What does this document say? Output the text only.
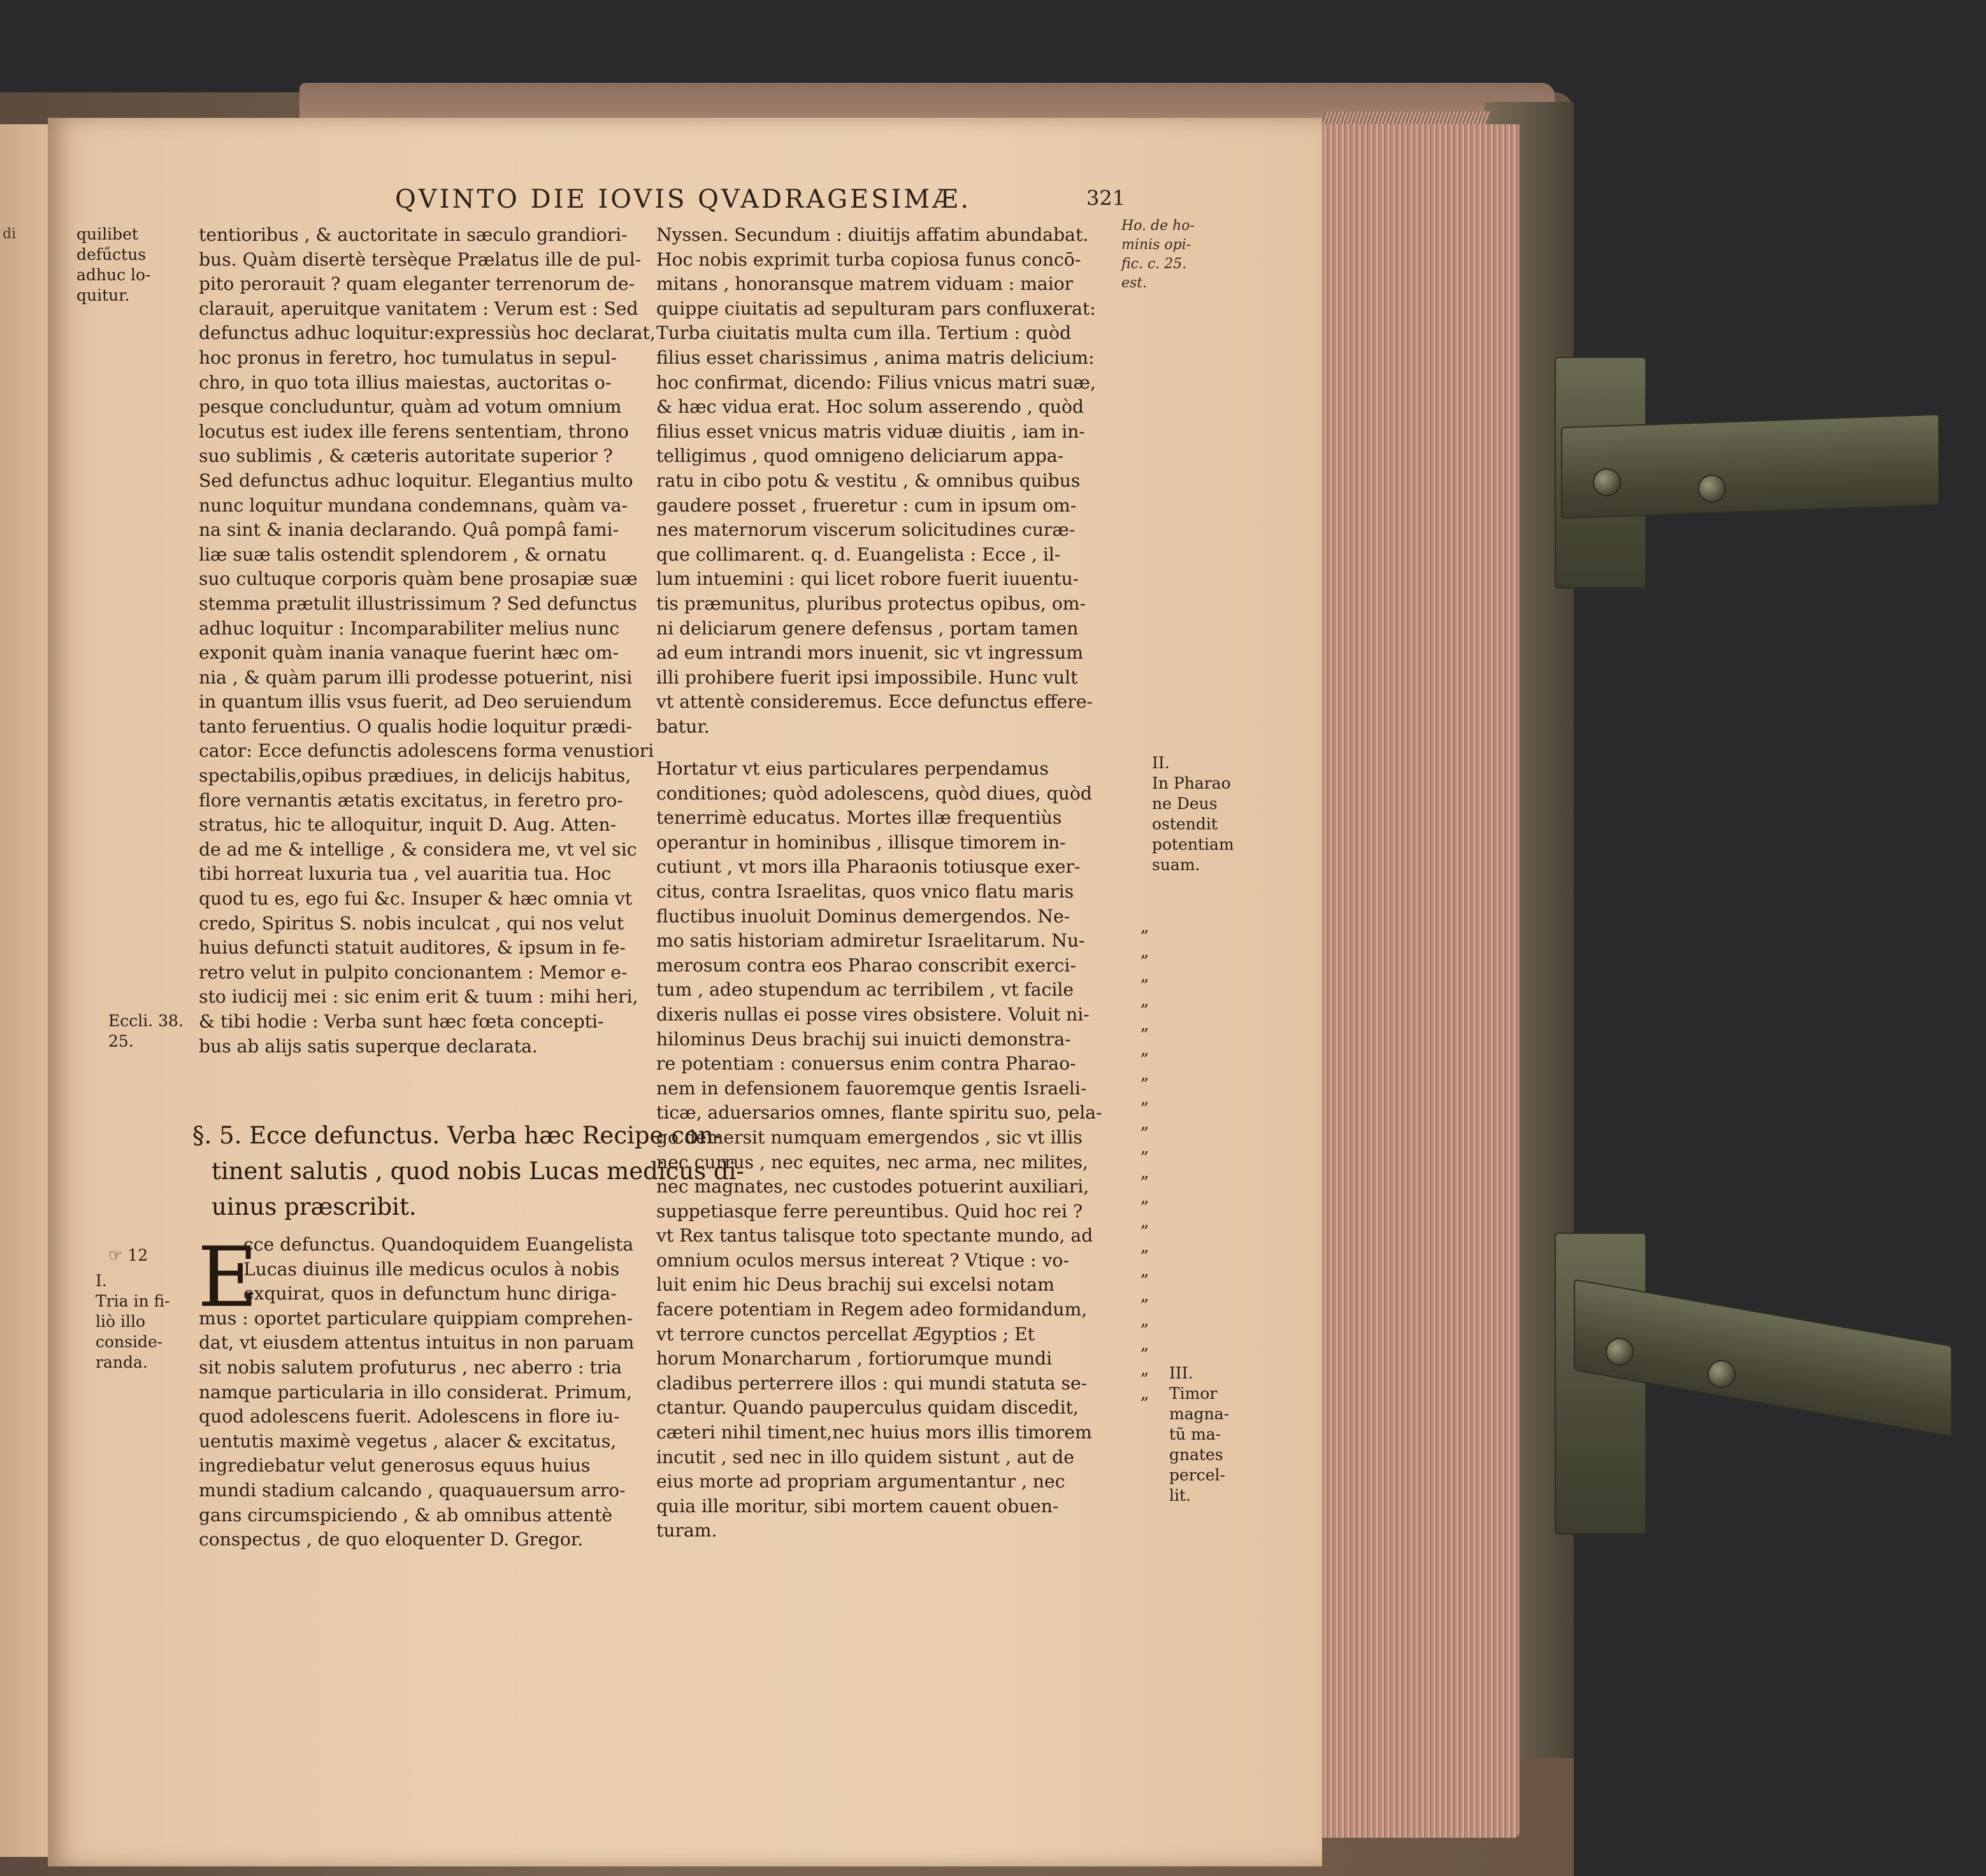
di
QVINTO DIE IOVIS QVADRAGESIMÆ.	321
quilibet
defűctus
adhuc lo-
quitur.
Eccli. 38.
25.
☞ 12
I.
Tria in fi-
liò illo
conside-
randa.
tentioribus , & auctoritate in sæculo grandiori-
bus. Quàm disertè tersèque Prælatus ille de pul-
pito perorauit ? quam eleganter terrenorum de-
clarauit, aperuitque vanitatem : Verum est : Sed
defunctus adhuc loquitur:expressiùs hoc declarat,
hoc pronus in feretro, hoc tumulatus in sepul-
chro, in quo tota illius maiestas, auctoritas o-
pesque concluduntur, quàm ad votum omnium
locutus est iudex ille ferens sententiam, throno
suo sublimis , & cæteris autoritate superior ?
Sed defunctus adhuc loquitur. Elegantius multo
nunc loquitur mundana condemnans, quàm va-
na sint & inania declarando. Quâ pompâ fami-
liæ suæ talis ostendit splendorem , & ornatu
suo cultuque corporis quàm bene prosapiæ suæ
stemma prætulit illustrissimum ? Sed defunctus
adhuc loquitur : Incomparabiliter melius nunc
exponit quàm inania vanaque fuerint hæc om-
nia , & quàm parum illi prodesse potuerint, nisi
in quantum illis vsus fuerit, ad Deo seruiendum
tanto feruentius. O qualis hodie loquitur prædi-
cator: Ecce defunctis adolescens forma venustiori
spectabilis,opibus prædiues, in delicijs habitus,
flore vernantis ætatis excitatus, in feretro pro-
stratus, hic te alloquitur, inquit D. Aug. Atten-
de ad me & intellige , & considera me, vt vel sic
tibi horreat luxuria tua , vel auaritia tua. Hoc
quod tu es, ego fui &c. Insuper & hæc omnia vt
credo, Spiritus S. nobis inculcat , qui nos velut
huius defuncti statuit auditores, & ipsum in fe-
retro velut in pulpito concionantem : Memor e-
sto iudicij mei : sic enim erit & tuum : mihi heri,
& tibi hodie : Verba sunt hæc fœta concepti-
bus ab alijs satis superque declarata.
§. 5. Ecce defunctus. Verba hæc Recipe con-
tinent salutis , quod nobis Lucas medicus di-
uinus præscribit.
E
cce defunctus. Quandoquidem Euangelista
Lucas diuinus ille medicus oculos à nobis
exquirat, quos in defunctum hunc diriga-
mus : oportet particulare quippiam comprehen-
dat, vt eiusdem attentus intuitus in non paruam
sit nobis salutem profuturus , nec aberro : tria
namque particularia in illo considerat. Primum,
quod adolescens fuerit. Adolescens in flore iu-
uentutis maximè vegetus , alacer & excitatus,
ingrediebatur velut generosus equus huius
mundi stadium calcando , quaquauersum arro-
gans circumspiciendo , & ab omnibus attentè
conspectus , de quo eloquenter D. Gregor.
Nyssen. Secundum : diuitijs affatim abundabat.
Hoc nobis exprimit turba copiosa funus concō-
mitans , honoransque matrem viduam : maior
quippe ciuitatis ad sepulturam pars confluxerat:
Turba ciuitatis multa cum illa. Tertium : quòd
filius esset charissimus , anima matris delicium:
hoc confirmat, dicendo: Filius vnicus matri suæ,
& hæc vidua erat. Hoc solum asserendo , quòd
filius esset vnicus matris viduæ diuitis , iam in-
telligimus , quod omnigeno deliciarum appa-
ratu in cibo potu & vestitu , & omnibus quibus
gaudere posset , frueretur : cum in ipsum om-
nes maternorum viscerum solicitudines curæ-
que collimarent. q. d. Euangelista : Ecce , il-
lum intuemini : qui licet robore fuerit iuuentu-
tis præmunitus, pluribus protectus opibus, om-
ni deliciarum genere defensus , portam tamen
ad eum intrandi mors inuenit, sic vt ingressum
illi prohibere fuerit ipsi impossibile. Hunc vult
vt attentè consideremus. Ecce defunctus effere-
batur.
Hortatur vt eius particulares perpendamus
conditiones; quòd adolescens, quòd diues, quòd
tenerrimè educatus. Mortes illæ frequentiùs
operantur in hominibus , illisque timorem in-
cutiunt , vt mors illa Pharaonis totiusque exer-
citus, contra Israelitas, quos vnico flatu maris
fluctibus inuoluit Dominus demergendos. Ne-
mo satis historiam admiretur Israelitarum. Nu-
merosum contra eos Pharao conscribit exerci-
tum , adeo stupendum ac terribilem , vt facile
dixeris nullas ei posse vires obsistere. Voluit ni-
hilominus Deus brachij sui inuicti demonstra-
re potentiam : conuersus enim contra Pharao-
nem in defensionem fauoremque gentis Israeli-
ticæ, aduersarios omnes, flante spiritu suo, pela-
go demersit numquam emergendos , sic vt illis
nec currus , nec equites, nec arma, nec milites,
nec magnates, nec custodes potuerint auxiliari,
suppetiasque ferre pereuntibus. Quid hoc rei ?
vt Rex tantus talisque toto spectante mundo, ad
omnium oculos mersus intereat ? Vtique : vo-
luit enim hic Deus brachij sui excelsi notam
facere potentiam in Regem adeo formidandum,
vt terrore cunctos percellat Ægyptios ; Et
horum Monarcharum , fortiorumque mundi
cladibus perterrere illos : qui mundi statuta se-
ctantur. Quando pauperculus quidam discedit,
cæteri nihil timent,nec huius mors illis timorem
incutit , sed nec in illo quidem sistunt , aut de
eius morte ad propriam argumentantur , nec
quia ille moritur, sibi mortem cauent obuen-
turam.
„
„
„
„
„
„
„
„
„
„
„
„
„
„
„
„
„
„
„
„
Ho. de ho-
minis opi-
fic. c. 25.
est.
II.
In Pharao
ne Deus
ostendit
potentiam
suam.
III.
Timor
magna-
tũ ma-
gnates
percel-
lit.
